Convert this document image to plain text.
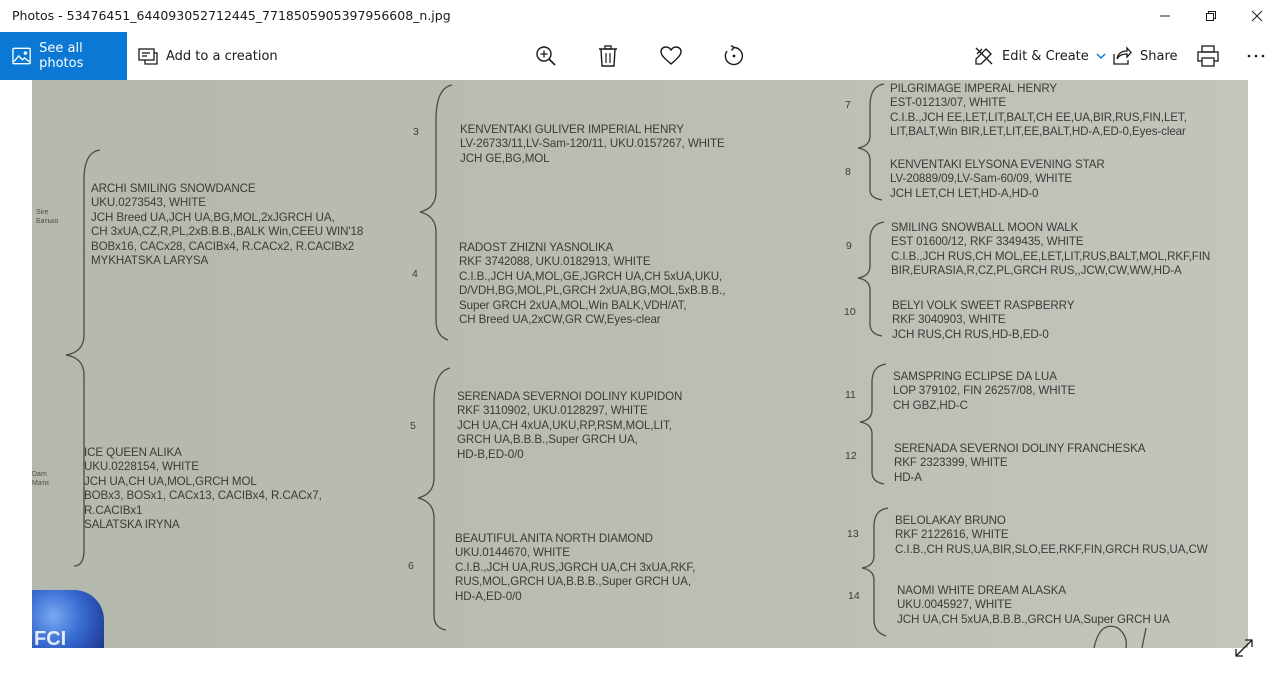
Photos - 53476451_644093052712445_7718505905397956608_n.jpg
See all photos	Add to a creation	Edit & Create	Share
Sire
Батько
Dam
Мати
ARCHI SMILING SNOWDANCE
UKU.0273543, WHITE
JCH Breed UA,JCH UA,BG,MOL,2xJGRCH UA,
CH 3xUA,CZ,R,PL,2xB.B.B.,BALK Win,CEEU WIN'18
BOBx16, CACx28, CACIBx4, R.CACx2, R.CACIBx2
MYKHATSKA LARYSA
ICE QUEEN ALIKA
UKU.0228154, WHITE
JCH UA,CH UA,MOL,GRCH MOL
BOBx3, BOSx1, CACx13, CACIBx4, R.CACx7,
R.CACIBx1
SALATSKA IRYNA
3	KENVENTAKI GULIVER IMPERIAL HENRY
LV-26733/11,LV-Sam-120/11, UKU.0157267, WHITE
JCH GE,BG,MOL
4
RADOST ZHIZNI YASNOLIKA
RKF 3742088, UKU.0182913, WHITE
C.I.B.,JCH UA,MOL,GE,JGRCH UA,CH 5xUA,UKU,
D/VDH,BG,MOL,PL,GRCH 2xUA,BG,MOL,5xB.B.B.,
Super GRCH 2xUA,MOL,Win BALK,VDH/AT,
CH Breed UA,2xCW,GR CW,Eyes-clear
5
SERENADA SEVERNOI DOLINY KUPIDON
RKF 3110902, UKU.0128297, WHITE
JCH UA,CH 4xUA,UKU,RP,RSM,MOL,LIT,
GRCH UA,B.B.B.,Super GRCH UA,
HD-B,ED-0/0
6
BEAUTIFUL ANITA NORTH DIAMOND
UKU.0144670, WHITE
C.I.B.,JCH UA,RUS,JGRCH UA,CH 3xUA,RKF,
RUS,MOL,GRCH UA,B.B.B.,Super GRCH UA,
HD-A,ED-0/0
7
PILGRIMAGE IMPERAL HENRY
EST-01213/07, WHITE
C.I.B.,JCH EE,LET,LIT,BALT,CH EE,UA,BIR,RUS,FIN,LET,
LIT,BALT,Win BIR,LET,LIT,EE,BALT,HD-A,ED-0,Eyes-clear
8
KENVENTAKI ELYSONA EVENING STAR
LV-20889/09,LV-Sam-60/09, WHITE
JCH LET,CH LET,HD-A,HD-0
9
SMILING SNOWBALL MOON WALK
EST 01600/12, RKF 3349435, WHITE
C.I.B.,JCH RUS,CH MOL,EE,LET,LIT,RUS,BALT,MOL,RKF,FIN
BIR,EURASIA,R,CZ,PL,GRCH RUS,,JCW,CW,WW,HD-A
10	BELYI VOLK SWEET RASPBERRY
RKF 3040903, WHITE
JCH RUS,CH RUS,HD-B,ED-0
11
SAMSPRING ECLIPSE DA LUA
LOP 379102, FIN 26257/08, WHITE
CH GBZ,HD-C
12
SERENADA SEVERNOI DOLINY FRANCHESKA
RKF 2323399, WHITE
HD-A
13
BELOLAKAY BRUNO
RKF 2122616, WHITE
C.I.B.,CH RUS,UA,BIR,SLO,EE,RKF,FIN,GRCH RUS,UA,CW
14	NAOMI WHITE DREAM ALASKA
UKU.0045927, WHITE
JCH UA,CH 5xUA,B.B.B.,GRCH UA,Super GRCH UA
FCI
